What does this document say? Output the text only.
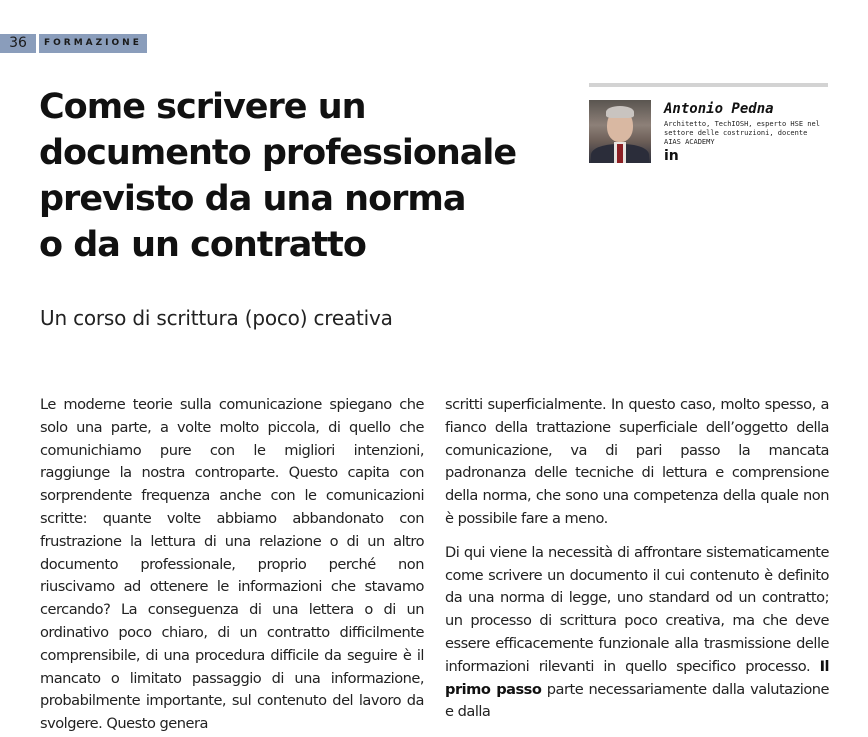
36	FORMAZIONE
Come scrivere un
documento professionale
previsto da una norma
o da un contratto
Un corso di scrittura (poco) creativa
Antonio Pedna
Architetto, TechIOSH, esperto HSE nel
settore delle costruzioni, docente
AIAS ACADEMY
in

Le moderne teorie sulla comunicazione spiegano che solo una parte, a volte molto piccola, di quello che comunichiamo pure con le migliori intenzioni, raggiunge la nostra controparte. Questo capita con sorprendente frequenza anche con le comunicazioni scritte: quante volte abbiamo abbandonato con frustrazione la lettura di una relazione o di un altro documento professionale, proprio perché non riuscivamo ad ottenere le informazioni che stavamo cercando? La conseguenza di una lettera o di un ordinativo poco chiaro, di un contratto difficilmente comprensibile, di una procedura difficile da seguire è il mancato o limitato passaggio di una informazione, probabilmente importante, sul contenuto del lavoro da svolgere. Questo genera

scritti superficialmente. In questo caso, molto spesso, a fianco della trattazione superficiale dell’oggetto della comunicazione, va di pari passo la mancata padronanza delle tecniche di lettura e comprensione della norma, che sono una competenza della quale non è possibile fare a meno.

Di qui viene la necessità di affrontare sistematicamente come scrivere un documento il cui contenuto è definito da una norma di legge, uno standard od un contratto; un processo di scrittura poco creativa, ma che deve essere efficacemente funzionale alla trasmissione delle informazioni rilevanti in quello specifico processo. Il primo passo parte necessariamente dalla valutazione e dalla
